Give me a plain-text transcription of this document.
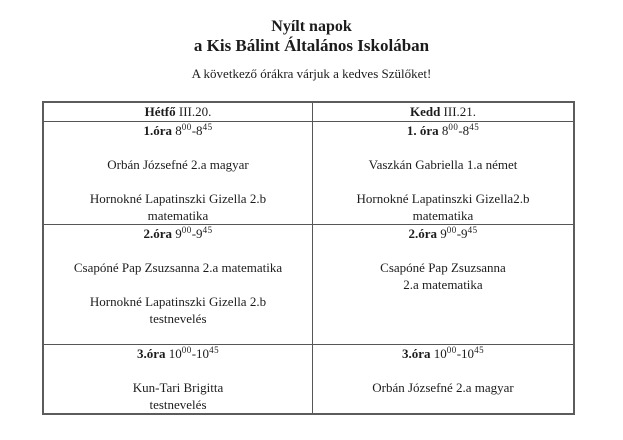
Nyílt napok
a Kis Bálint Általános Iskolában
A következő órákra várjuk a kedves Szülőket!
Hétfő III.20.	Kedd III.21.
1.óra $8^{00}-8^{45}$
Orbán Józsefné 2.a magyar
Hornokné Lapatinszki Gizella 2.b
matematika
1. óra $8^{00}-8^{45}$
Vaszkán Gabriella 1.a német
Hornokné Lapatinszki Gizella2.b
matematika
2.óra $9^{00}-9^{45}$
Csapóné Pap Zsuzsanna 2.a matematika
Hornokné Lapatinszki Gizella 2.b
testnevelés
2.óra $9^{00}-9^{45}$
Csapóné Pap Zsuzsanna
2.a matematika
3.óra $10^{00}-10^{45}$
Kun-Tari Brigitta
testnevelés
3.óra $10^{00}-10^{45}$
Orbán Józsefné 2.a magyar
